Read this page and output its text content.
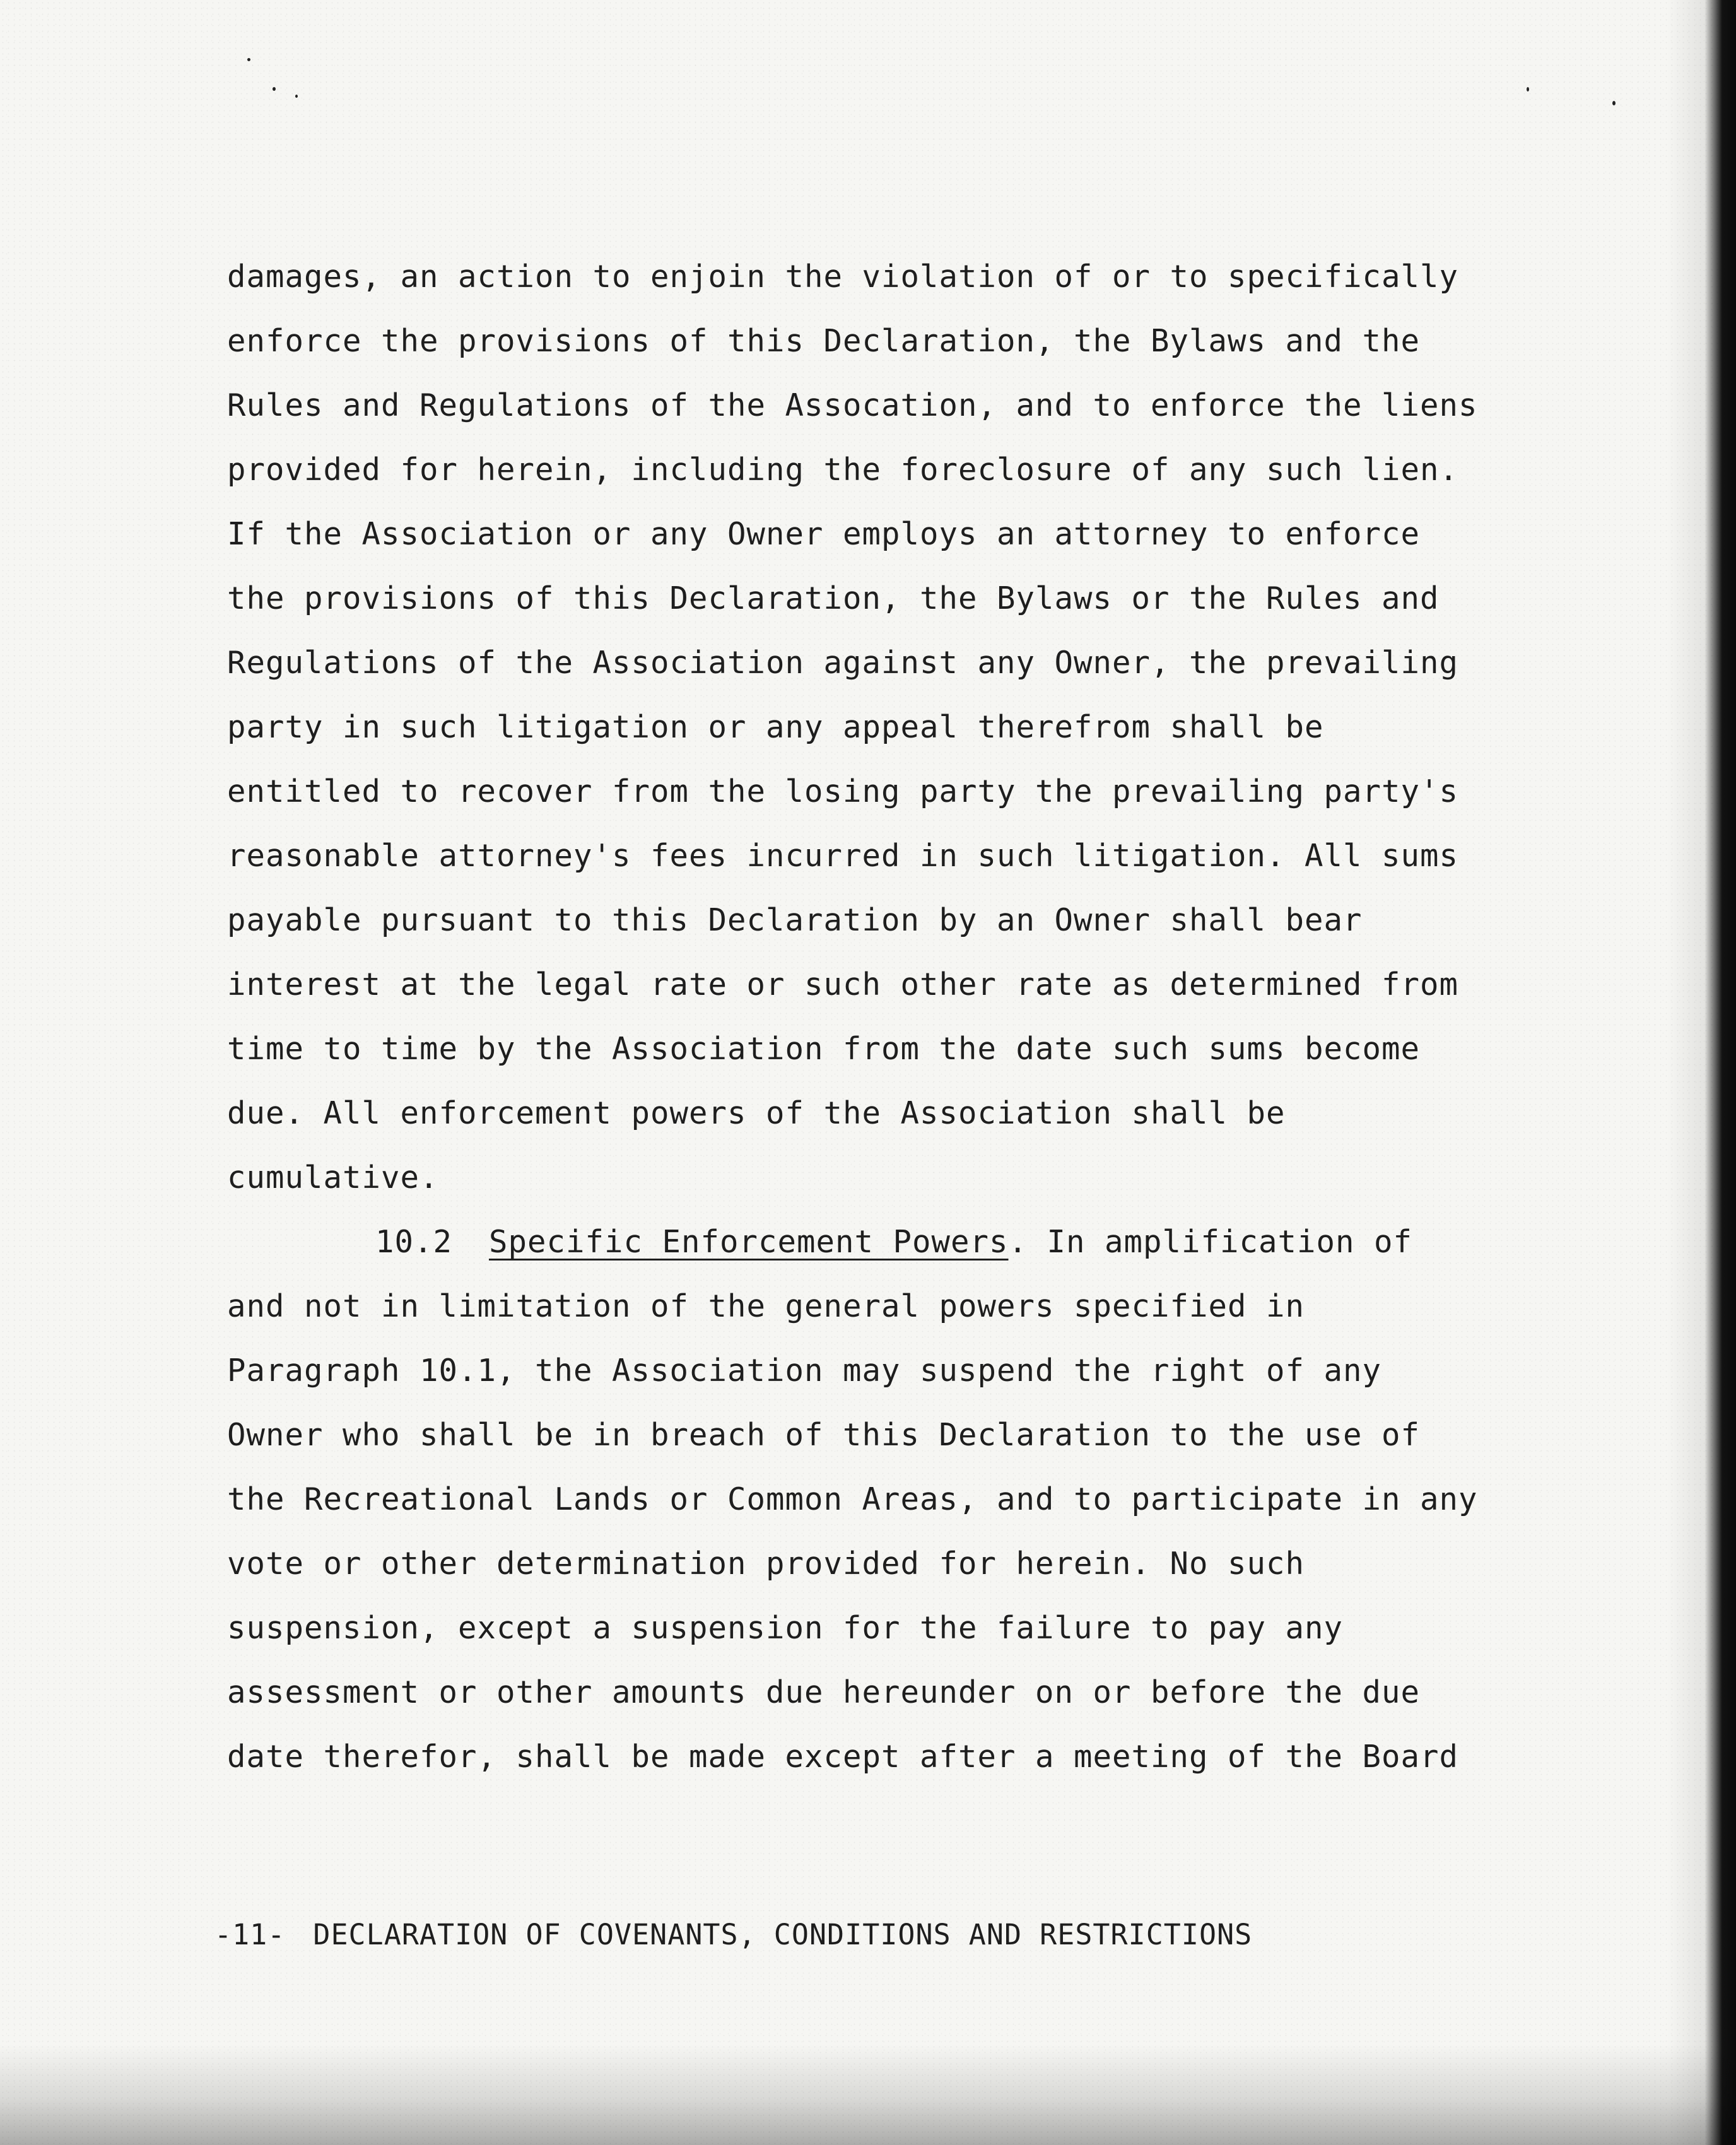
damages, an action to enjoin the violation of or to specifically
enforce the provisions of this Declaration, the Bylaws and the
Rules and Regulations of the Assocation, and to enforce the liens
provided for herein, including the foreclosure of any such lien.
If the Association or any Owner employs an attorney to enforce
the provisions of this Declaration, the Bylaws or the Rules and
Regulations of the Association against any Owner, the prevailing
party in such litigation or any appeal therefrom shall be
entitled to recover from the losing party the prevailing party's
reasonable attorney's fees incurred in such litigation. All sums
payable pursuant to this Declaration by an Owner shall bear
interest at the legal rate or such other rate as determined from
time to time by the Association from the date such sums become
due. All enforcement powers of the Association shall be
cumulative.
10.2 Specific Enforcement Powers. In amplification of
and not in limitation of the general powers specified in
Paragraph 10.1, the Association may suspend the right of any
Owner who shall be in breach of this Declaration to the use of
the Recreational Lands or Common Areas, and to participate in any
vote or other determination provided for herein. No such
suspension, except a suspension for the failure to pay any
assessment or other amounts due hereunder on or before the due
date therefor, shall be made except after a meeting of the Board
-11- DECLARATION OF COVENANTS, CONDITIONS AND RESTRICTIONS
